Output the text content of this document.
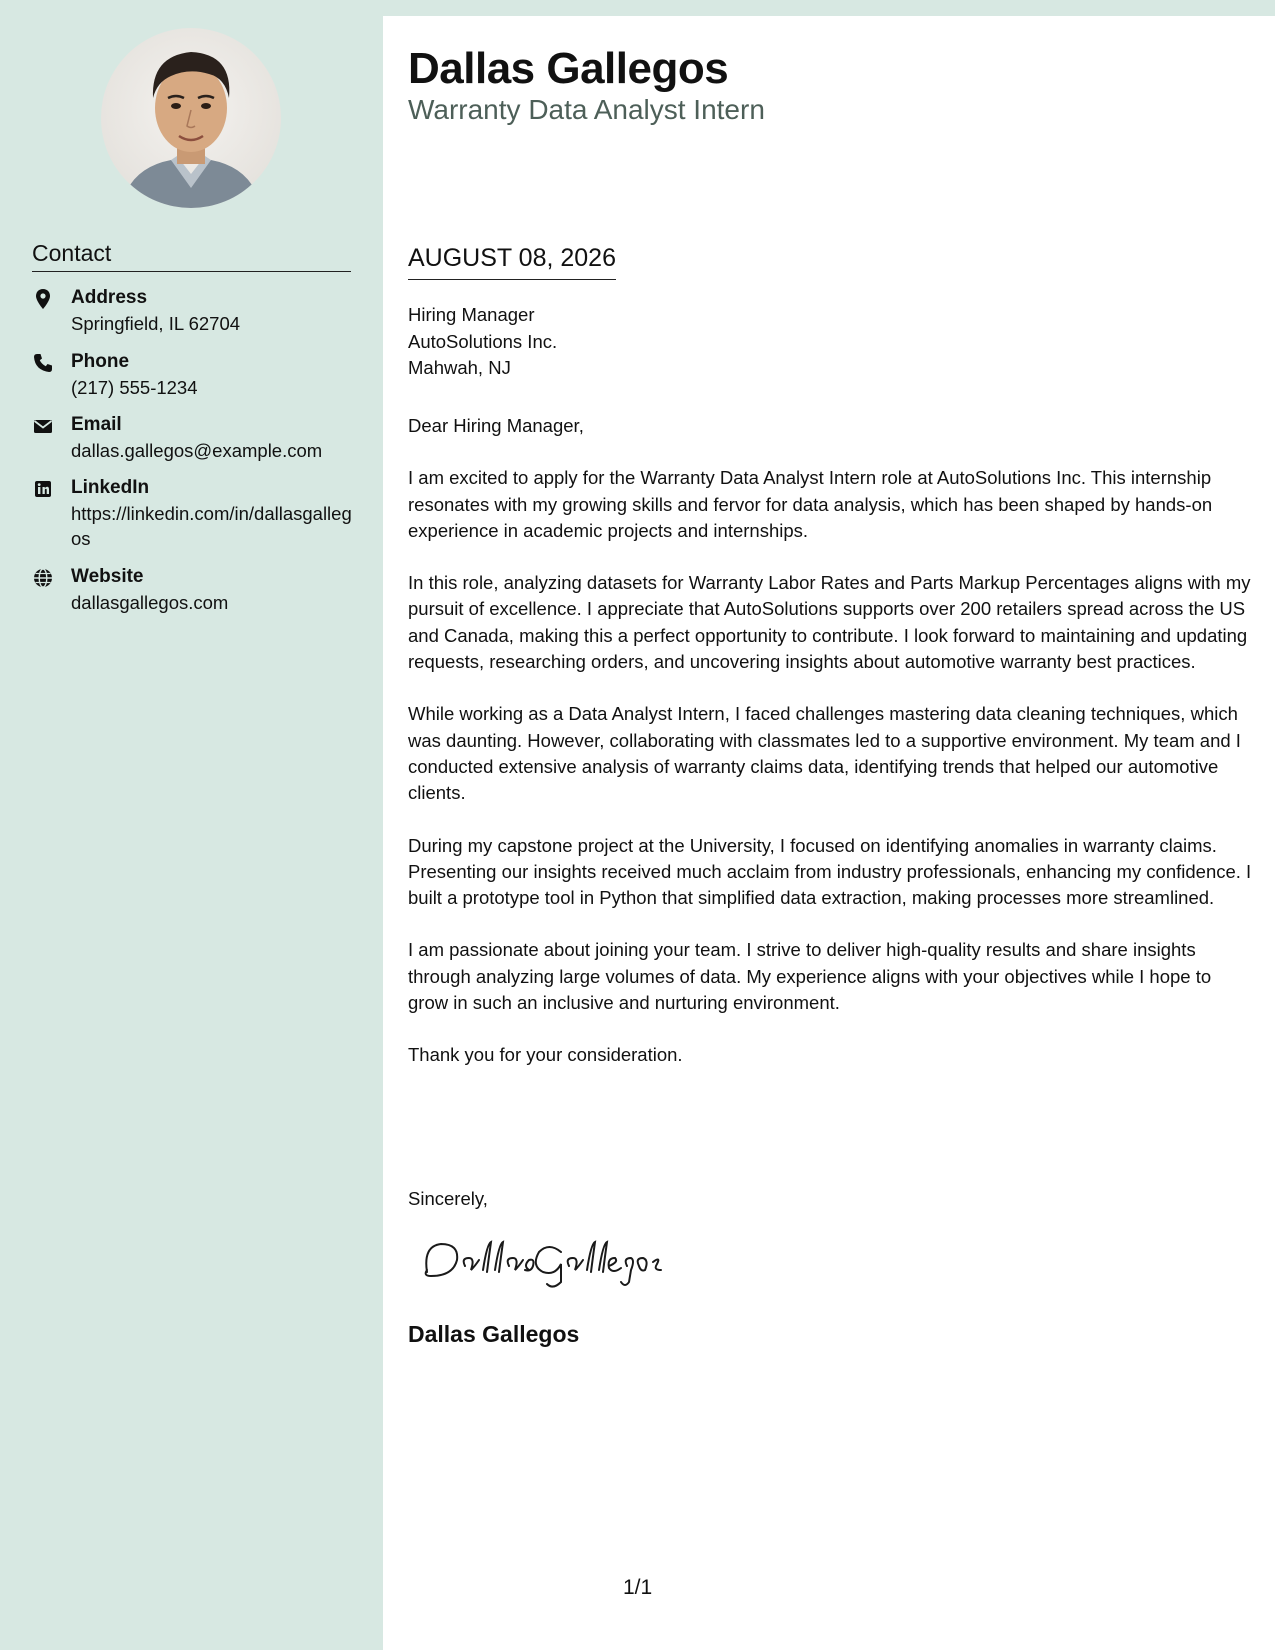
Contact
Address
Springfield, IL 62704
Phone
(217) 555-1234
Email
dallas.gallegos@example.com
LinkedIn
https://linkedin.com/in/dallasgallegos
Website
dallasgallegos.com
Dallas Gallegos
Warranty Data Analyst Intern
AUGUST 08, 2026
Hiring Manager
AutoSolutions Inc.
Mahwah, NJ

Dear Hiring Manager,

I am excited to apply for the Warranty Data Analyst Intern role at AutoSolutions Inc. This internship resonates with my growing skills and fervor for data analysis, which has been shaped by hands-on experience in academic projects and internships.

In this role, analyzing datasets for Warranty Labor Rates and Parts Markup Percentages aligns with my pursuit of excellence. I appreciate that AutoSolutions supports over 200 retailers spread across the US and Canada, making this a perfect opportunity to contribute. I look forward to maintaining and updating requests, researching orders, and uncovering insights about automotive warranty best practices.

While working as a Data Analyst Intern, I faced challenges mastering data cleaning techniques, which was daunting. However, collaborating with classmates led to a supportive environment. My team and I conducted extensive analysis of warranty claims data, identifying trends that helped our automotive clients.

During my capstone project at the University, I focused on identifying anomalies in warranty claims. Presenting our insights received much acclaim from industry professionals, enhancing my confidence. I built a prototype tool in Python that simplified data extraction, making processes more streamlined.

I am passionate about joining your team. I strive to deliver high-quality results and share insights through analyzing large volumes of data. My experience aligns with your objectives while I hope to grow in such an inclusive and nurturing environment.

Thank you for your consideration.

Sincerely,
Dallas Gallegos
1/1
